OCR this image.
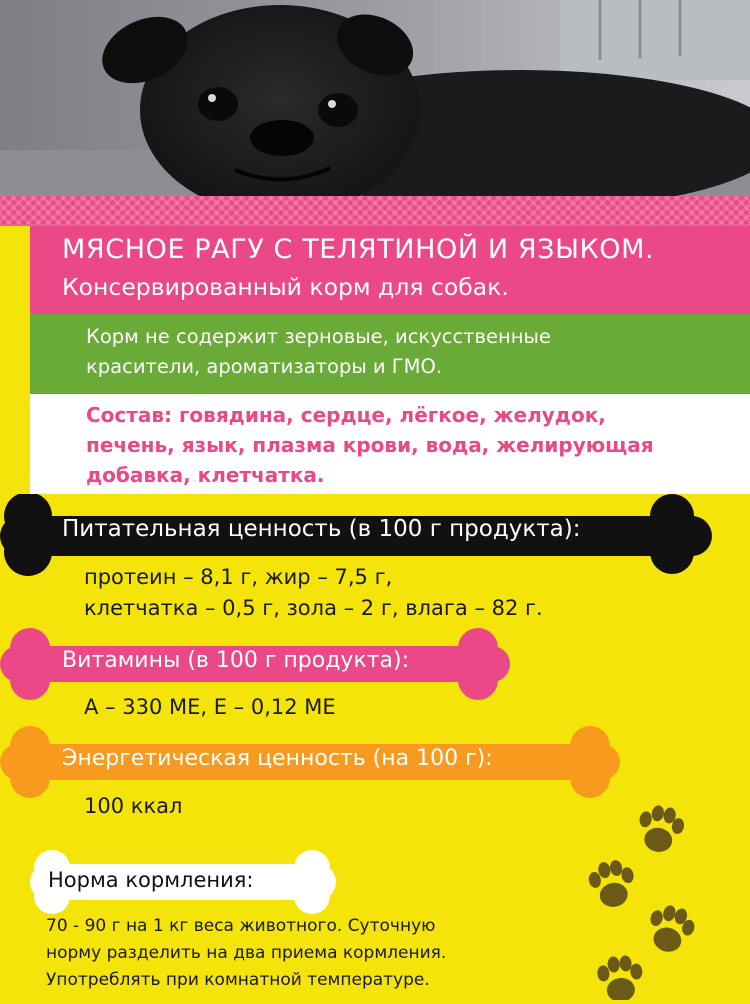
МЯСНОЕ РАГУ С ТЕЛЯТИНОЙ И ЯЗЫКОМ.
Консервированный корм для собак.
Корм не содержит зерновые, искусственные
красители, ароматизаторы и ГМО.
Состав: говядина, сердце, лёгкое, желудок,
печень, язык, плазма крови, вода, желирующая
добавка, клетчатка.
Питательная ценность (в 100 г продукта):
протеин – 8,1 г, жир – 7,5 г,
клетчатка – 0,5 г, зола – 2 г, влага – 82 г.
Витамины (в 100 г продукта):
А – 330 МЕ, Е – 0,12 МЕ
Энергетическая ценность (на 100 г):
100 ккал
Норма кормления:
70 - 90 г на 1 кг веса животного. Суточную
норму разделить на два приема кормления.
Употреблять при комнатной температуре.
